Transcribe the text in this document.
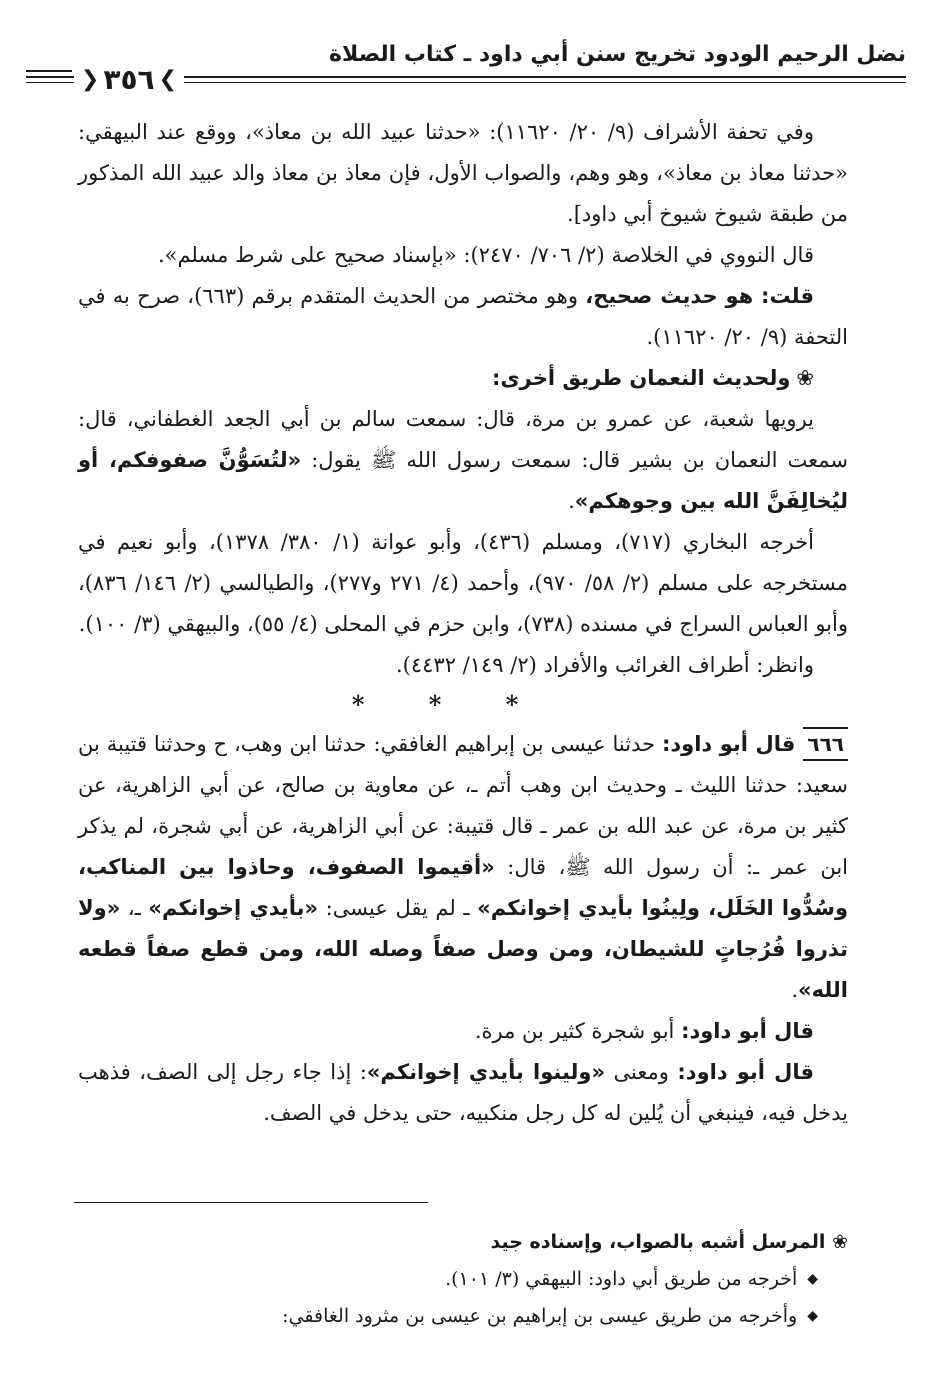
نضل الرحيم الودود تخريج سنن أبي داود ـ كتاب الصلاة
❯
٣٥٦
❮

وفي تحفة الأشراف (٩/ ٢٠/ ١١٦٢٠): «حدثنا عبيد الله بن معاذ»، ووقع عند البيهقي: «حدثنا معاذ بن معاذ»، وهو وهم، والصواب الأول، فإن معاذ بن معاذ والد عبيد الله المذكور من طبقة شيوخ شيوخ أبي داود].

قال النووي في الخلاصة (٢/ ٧٠٦/ ٢٤٧٠): «بإسناد صحيح على شرط مسلم».

قلت: هو حديث صحيح، وهو مختصر من الحديث المتقدم برقم (٦٦٣)، صرح به في التحفة (٩/ ٢٠/ ١١٦٢٠).

❀ولحديث النعمان طريق أخرى:

يرويها شعبة، عن عمرو بن مرة، قال: سمعت سالم بن أبي الجعد الغطفاني، قال: سمعت النعمان بن بشير قال: سمعت رسول الله ﷺ يقول: «لتُسَوُّنَّ صفوفكم، أو ليُخالِفَنَّ الله بين وجوهكم».

أخرجه البخاري (٧١٧)، ومسلم (٤٣٦)، وأبو عوانة (١/ ٣٨٠/ ١٣٧٨)، وأبو نعيم في مستخرجه على مسلم (٢/ ٥٨/ ٩٧٠)، وأحمد (٤/ ٢٧١ و٢٧٧)، والطيالسي (٢/ ١٤٦/ ٨٣٦)، وأبو العباس السراج في مسنده (٧٣٨)، وابن حزم في المحلى (٤/ ٥٥)، والبيهقي (٣/ ١٠٠).

وانظر: أطراف الغرائب والأفراد (٢/ ١٤٩/ ٤٤٣٢).

* * *

٦٦٦قال أبو داود: حدثنا عيسى بن إبراهيم الغافقي: حدثنا ابن وهب، ح وحدثنا قتيبة بن سعيد: حدثنا الليث ـ وحديث ابن وهب أتم ـ، عن معاوية بن صالح، عن أبي الزاهرية، عن كثير بن مرة، عن عبد الله بن عمر ـ قال قتيبة: عن أبي الزاهرية، عن أبي شجرة، لم يذكر ابن عمر ـ: أن رسول الله ﷺ، قال: «أقيموا الصفوف، وحاذوا بين المناكب، وسُدُّوا الخَلَل، ولِينُوا بأيدي إخوانكم» ـ لم يقل عيسى: «بأيدي إخوانكم» ـ، «ولا تذروا فُرُجاتٍ للشيطان، ومن وصل صفاً وصله الله، ومن قطع صفاً قطعه الله».

قال أبو داود: أبو شجرة كثير بن مرة.

قال أبو داود: ومعنى «ولينوا بأيدي إخوانكم»: إذا جاء رجل إلى الصف، فذهب يدخل فيه، فينبغي أن يُلين له كل رجل منكبيه، حتى يدخل في الصف.

❀ المرسل أشبه بالصواب، وإسناده جيد

◆أخرجه من طريق أبي داود: البيهقي (٣/ ١٠١).

◆وأخرجه من طريق عيسى بن إبراهيم بن عيسى بن مثرود الغافقي:
